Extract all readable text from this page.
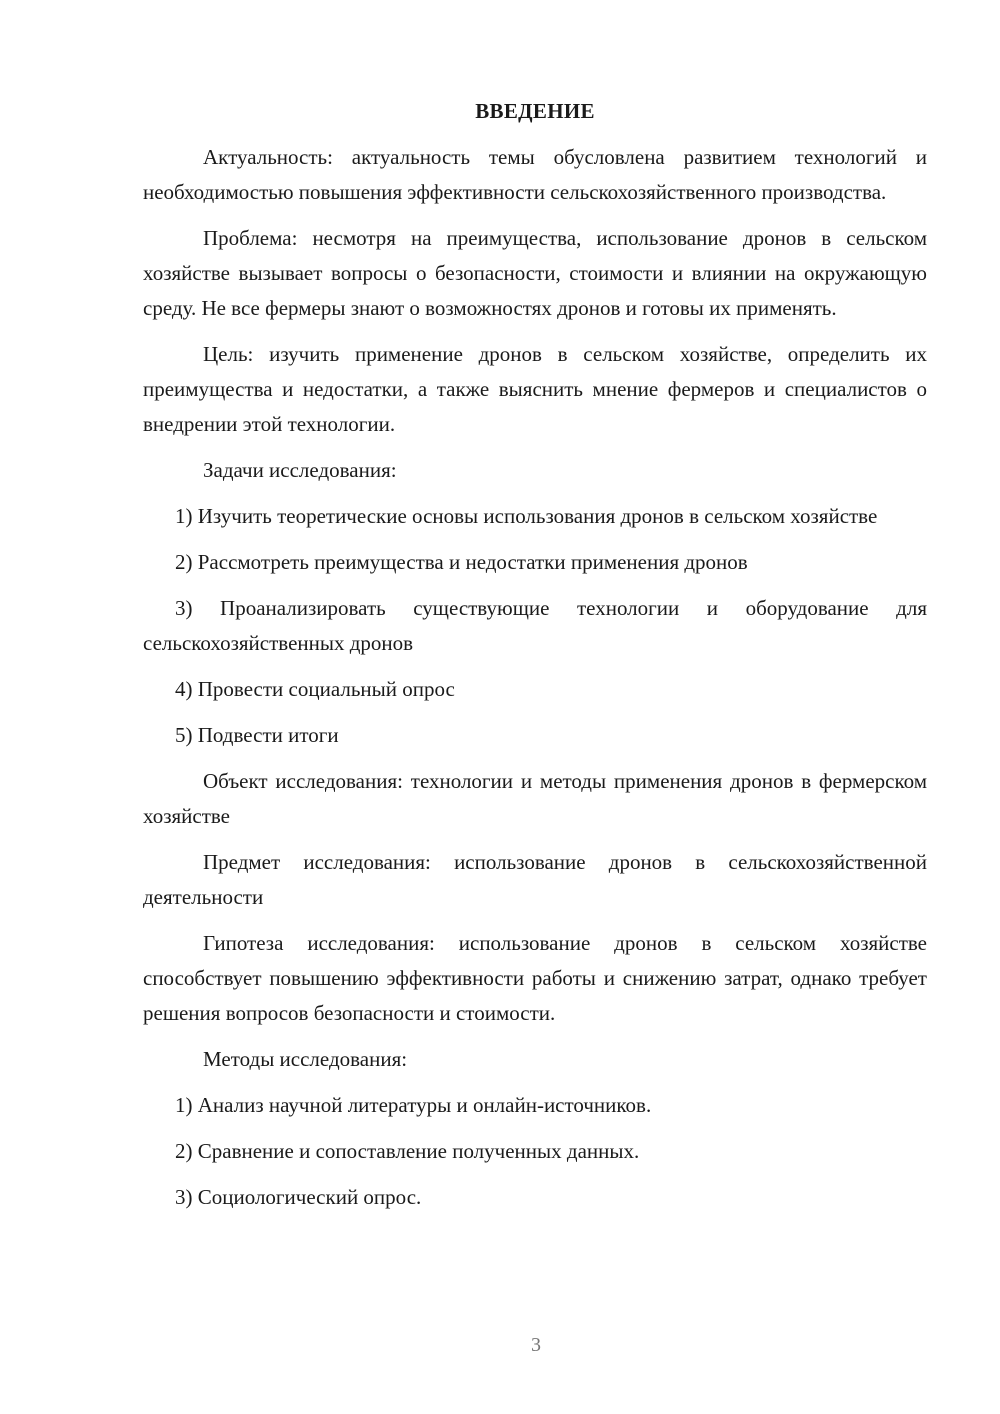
ВВЕДЕНИЕ

Актуальность: актуальность темы обусловлена развитием технологий и необходимостью повышения эффективности сельскохозяйственного производства.

Проблема: несмотря на преимущества, использование дронов в сельском хозяйстве вызывает вопросы о безопасности, стоимости и влиянии на окружающую среду. Не все фермеры знают о возможностях дронов и готовы их применять.

Цель: изучить применение дронов в сельском хозяйстве, определить их преимущества и недостатки, а также выяснить мнение фермеров и специалистов о внедрении этой технологии.

Задачи исследования:

1) Изучить теоретические основы использования дронов в сельском хозяйстве

2) Рассмотреть преимущества и недостатки применения дронов

3) Проанализировать существующие технологии и оборудование для сельскохозяйственных дронов

4) Провести социальный опрос

5) Подвести итоги

Объект исследования: технологии и методы применения дронов в фермерском хозяйстве

Предмет исследования: использование дронов в сельскохозяйственной деятельности

Гипотеза исследования: использование дронов в сельском хозяйстве способствует повышению эффективности работы и снижению затрат, однако требует решения вопросов безопасности и стоимости.

Методы исследования:

1) Анализ научной литературы и онлайн-источников.

2) Сравнение и сопоставление полученных данных.

3) Социологический опрос.

3
